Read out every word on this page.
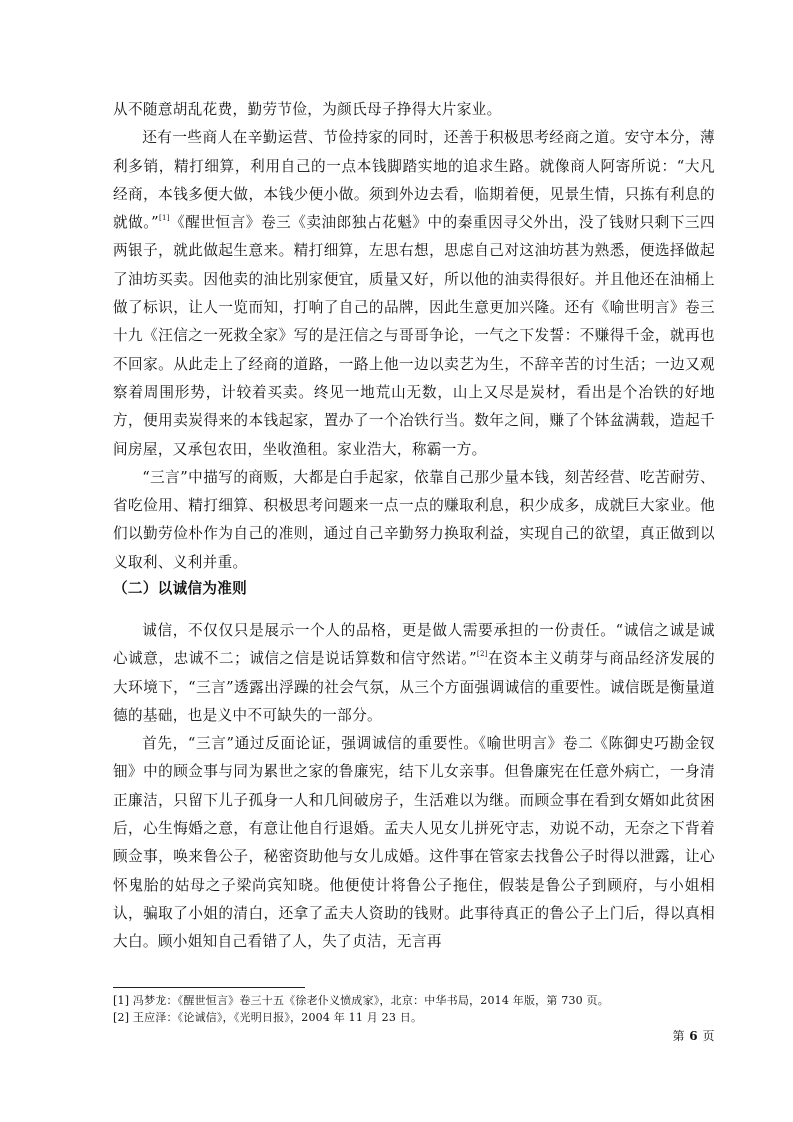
从不随意胡乱花费，勤劳节俭，为颜氏母子挣得大片家业。

还有一些商人在辛勤运营、节俭持家的同时，还善于积极思考经商之道。安守本分，薄利多销，精打细算，利用自己的一点本钱脚踏实地的追求生路。就像商人阿寄所说：“大凡经商，本钱多便大做，本钱少便小做。须到外边去看，临期着便，见景生情，只拣有利息的就做。”[1]《醒世恒言》卷三《卖油郎独占花魁》中的秦重因寻父外出，没了钱财只剩下三四两银子，就此做起生意来。精打细算，左思右想，思虑自己对这油坊甚为熟悉，便选择做起了油坊买卖。因他卖的油比别家便宜，质量又好，所以他的油卖得很好。并且他还在油桶上做了标识，让人一览而知，打响了自己的品牌，因此生意更加兴隆。还有《喻世明言》卷三十九《汪信之一死救全家》写的是汪信之与哥哥争论，一气之下发誓：不赚得千金，就再也不回家。从此走上了经商的道路，一路上他一边以卖艺为生，不辞辛苦的讨生活；一边又观察着周围形势，计较着买卖。终见一地荒山无数，山上又尽是炭材，看出是个冶铁的好地方，便用卖炭得来的本钱起家，置办了一个冶铁行当。数年之间，赚了个钵盆满载，造起千间房屋，又承包农田，坐收渔租。家业浩大，称霸一方。

“三言”中描写的商贩，大都是白手起家，依靠自己那少量本钱，刻苦经营、吃苦耐劳、省吃俭用、精打细算、积极思考问题来一点一点的赚取利息，积少成多，成就巨大家业。他们以勤劳俭朴作为自己的准则，通过自己辛勤努力换取利益，实现自己的欲望，真正做到以义取利、义利并重。

（二）以诚信为准则

诚信，不仅仅只是展示一个人的品格，更是做人需要承担的一份责任。“诚信之诚是诚心诚意，忠诚不二；诚信之信是说话算数和信守然诺。”[2]在资本主义萌芽与商品经济发展的大环境下，“三言”透露出浮躁的社会气氛，从三个方面强调诚信的重要性。诚信既是衡量道德的基础，也是义中不可缺失的一部分。

首先，“三言”通过反面论证，强调诚信的重要性。《喻世明言》卷二《陈御史巧勘金钗钿》中的顾佥事与同为累世之家的鲁廉宪，结下儿女亲事。但鲁廉宪在任意外病亡，一身清正廉洁，只留下儿子孤身一人和几间破房子，生活难以为继。而顾佥事在看到女婿如此贫困后，心生悔婚之意，有意让他自行退婚。孟夫人见女儿拼死守志，劝说不动，无奈之下背着顾佥事，唤来鲁公子，秘密资助他与女儿成婚。这件事在管家去找鲁公子时得以泄露，让心怀鬼胎的姑母之子梁尚宾知晓。他便使计将鲁公子拖住，假装是鲁公子到顾府，与小姐相认，骗取了小姐的清白，还拿了孟夫人资助的钱财。此事待真正的鲁公子上门后，得以真相大白。顾小姐知自己看错了人，失了贞洁，无言再

[1] 冯梦龙：《醒世恒言》卷三十五《徐老仆义愤成家》，北京：中华书局，2014 年版，第 730 页。

[2] 王应泽：《论诚信》，《光明日报》，2004 年 11 月 23 日。

第 6 页
